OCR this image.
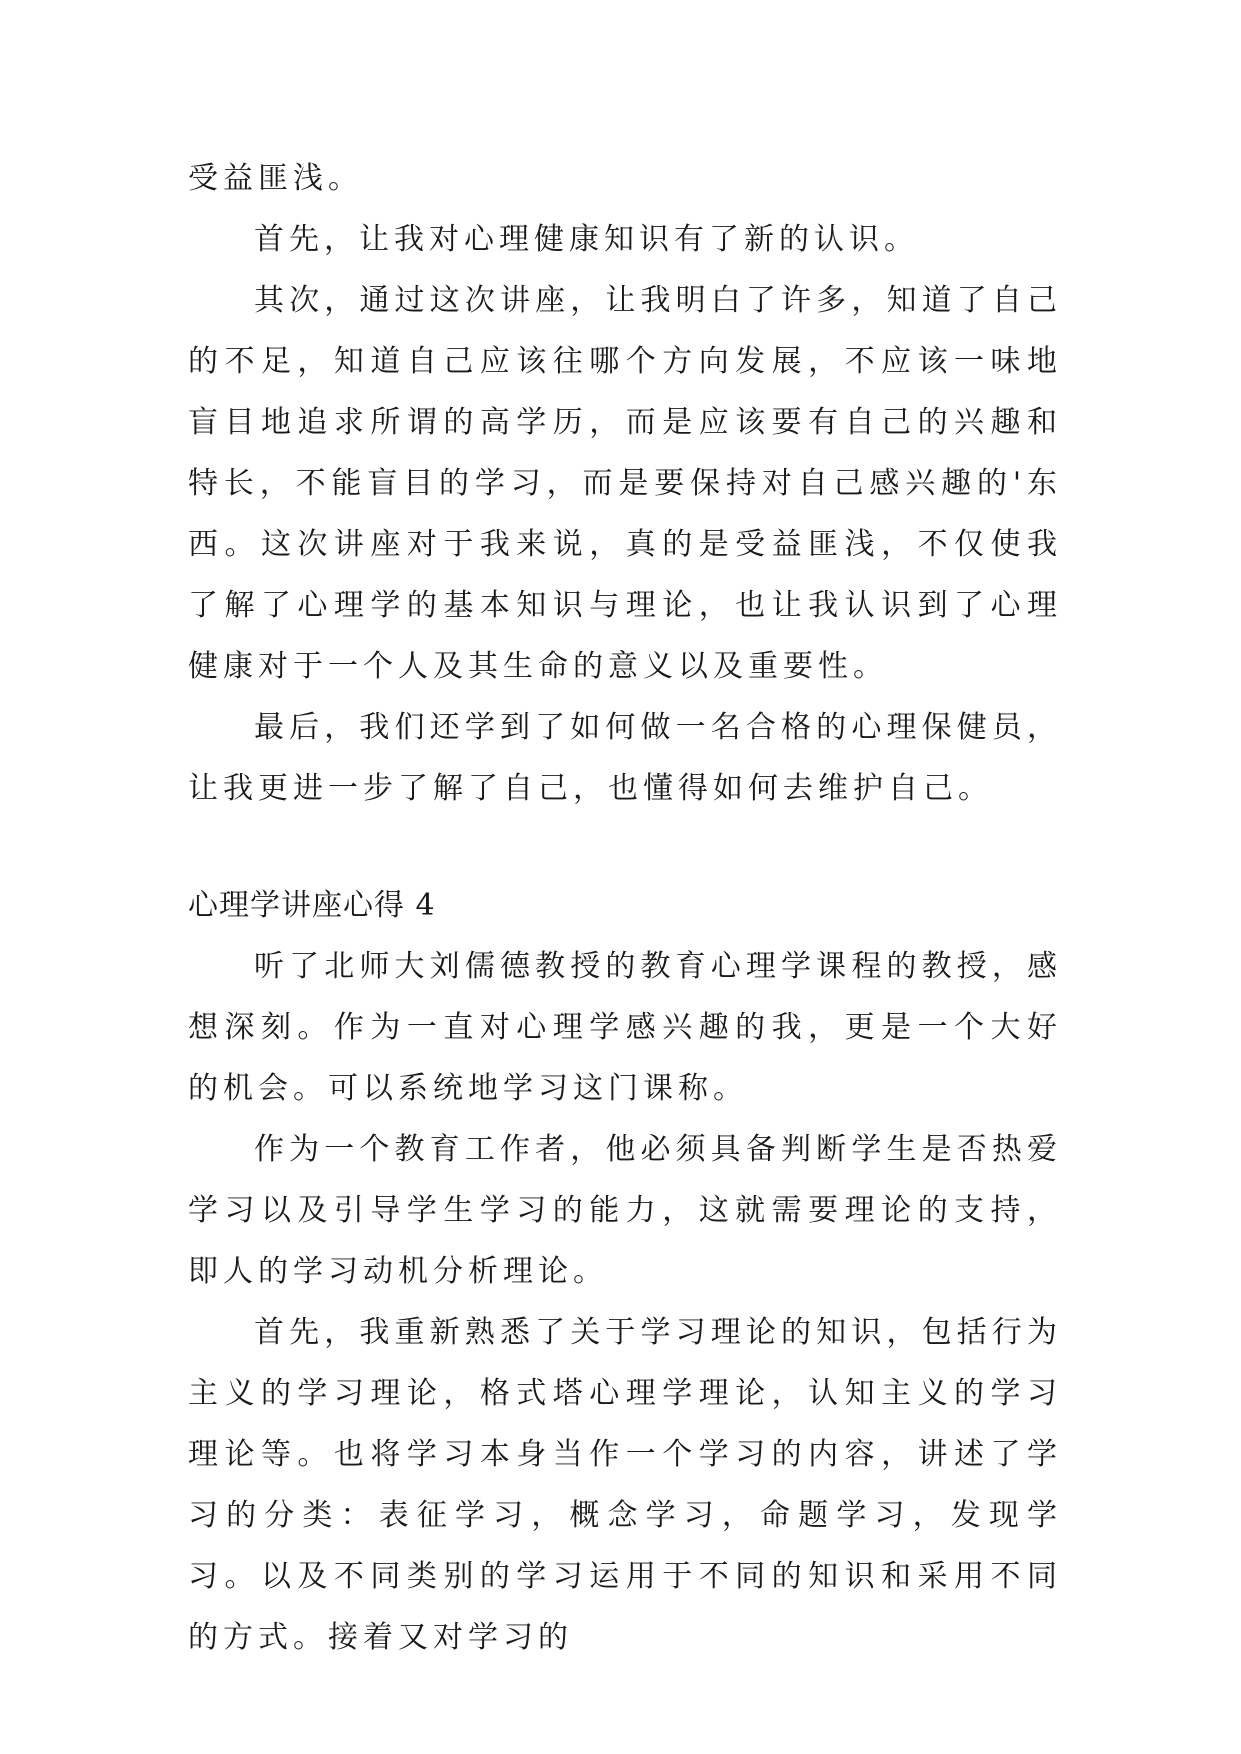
受益匪浅。

首先，让我对心理健康知识有了新的认识。

其次，通过这次讲座，让我明白了许多，知道了自己的不足，知道自己应该往哪个方向发展，不应该一味地盲目地追求所谓的高学历，而是应该要有自己的兴趣和特长，不能盲目的学习，而是要保持对自己感兴趣的'东西。这次讲座对于我来说，真的是受益匪浅，不仅使我了解了心理学的基本知识与理论，也让我认识到了心理健康对于一个人及其生命的意义以及重要性。

最后，我们还学到了如何做一名合格的心理保健员，让我更进一步了解了自己，也懂得如何去维护自己。

心理学讲座心得 4

听了北师大刘儒德教授的教育心理学课程的教授，感想深刻。作为一直对心理学感兴趣的我，更是一个大好的机会。可以系统地学习这门课称。

作为一个教育工作者，他必须具备判断学生是否热爱学习以及引导学生学习的能力，这就需要理论的支持，即人的学习动机分析理论。

首先，我重新熟悉了关于学习理论的知识，包括行为主义的学习理论，格式塔心理学理论，认知主义的学习理论等。也将学习本身当作一个学习的内容，讲述了学习的分类：表征学习，概念学习，命题学习，发现学习。以及不同类别的学习运用于不同的知识和采用不同的方式。接着又对学习的
